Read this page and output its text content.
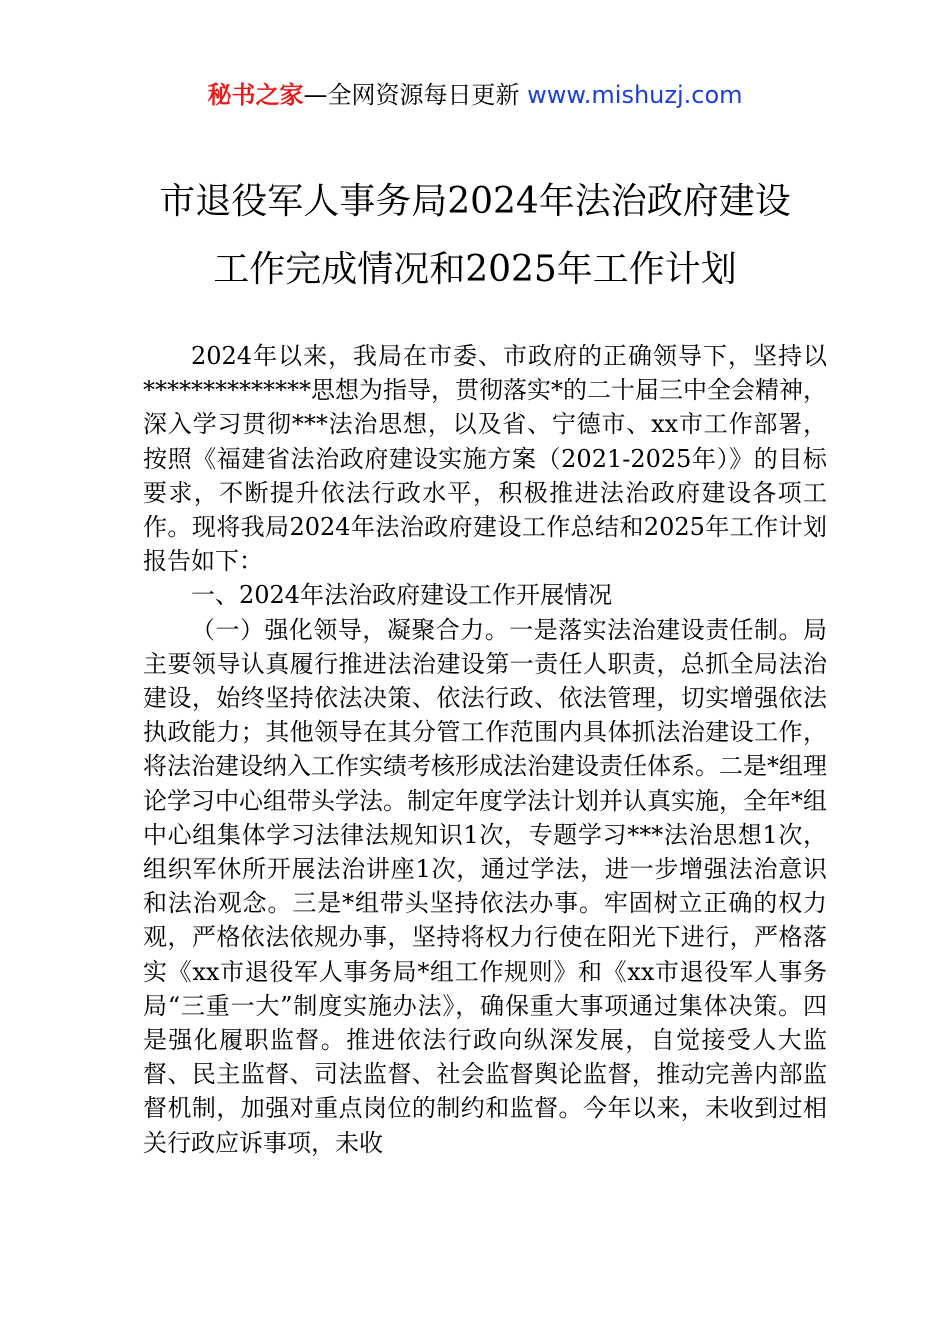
秘书之家—全网资源每日更新 www.mishuzj.com
市退役军人事务局2024年法治政府建设
工作完成情况和2025年工作计划

2024年以来，我局在市委、市政府的正确领导下，坚持以**************思想为指导，贯彻落实*的二十届三中全会精神，深入学习贯彻***法治思想，以及省、宁德市、xx市工作部署，按照《福建省法治政府建设实施方案（2021-2025年）》的目标要求，不断提升依法行政水平，积极推进法治政府建设各项工作。现将我局2024年法治政府建设工作总结和2025年工作计划报告如下：

一、2024年法治政府建设工作开展情况

（一）强化领导，凝聚合力。一是落实法治建设责任制。局主要领导认真履行推进法治建设第一责任人职责，总抓全局法治建设，始终坚持依法决策、依法行政、依法管理，切实增强依法执政能力；其他领导在其分管工作范围内具体抓法治建设工作，将法治建设纳入工作实绩考核形成法治建设责任体系。二是*组理论学习中心组带头学法。制定年度学法计划并认真实施，全年*组中心组集体学习法律法规知识1次，专题学习***法治思想1次，组织军休所开展法治讲座1次，通过学法，进一步增强法治意识和法治观念。三是*组带头坚持依法办事。牢固树立正确的权力观，严格依法依规办事，坚持将权力行使在阳光下进行，严格落实《xx市退役军人事务局*组工作规则》和《xx市退役军人事务局“三重一大”制度实施办法》，确保重大事项通过集体决策。四是强化履职监督。推进依法行政向纵深发展，自觉接受人大监督、民主监督、司法监督、社会监督舆论监督，推动完善内部监督机制，加强对重点岗位的制约和监督。今年以来，未收到过相关行政应诉事项，未收
